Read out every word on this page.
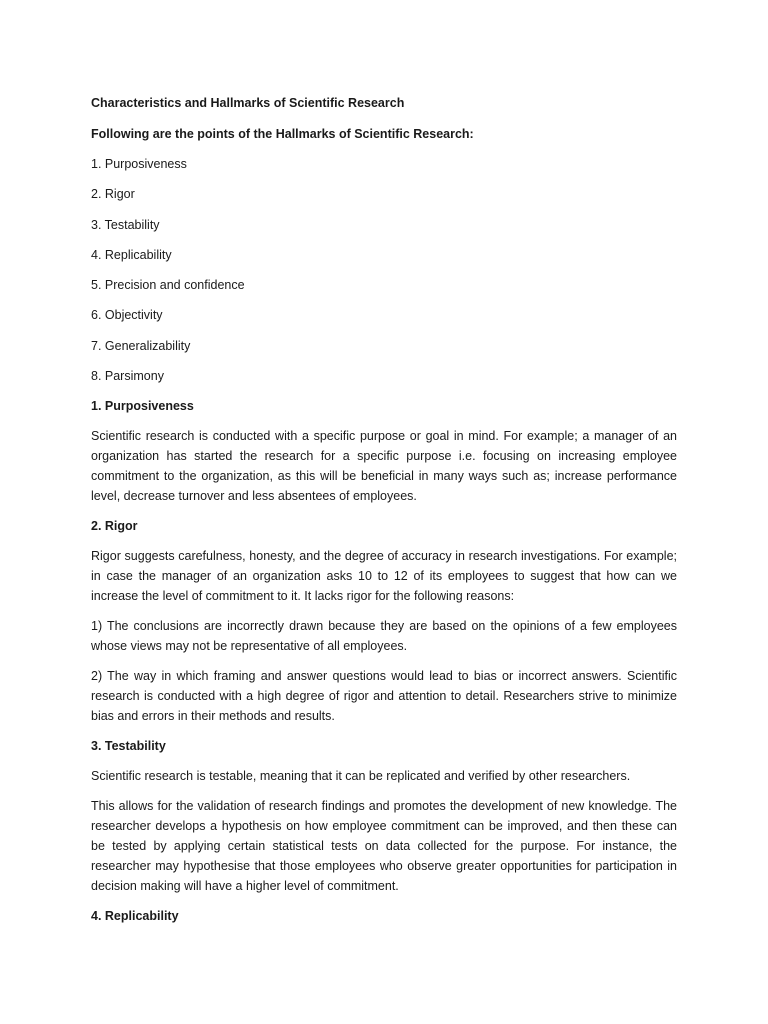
Characteristics and Hallmarks of Scientific Research

Following are the points of the Hallmarks of Scientific Research:

1. Purposiveness
2. Rigor
3. Testability
4. Replicability
5. Precision and confidence
6. Objectivity
7. Generalizability
8. Parsimony

1. Purposiveness

Scientific research is conducted with a specific purpose or goal in mind. For example; a manager of an organization has started the research for a specific purpose i.e. focusing on increasing employee commitment to the organization, as this will be beneficial in many ways such as; increase performance level, decrease turnover and less absentees of employees.

2. Rigor

Rigor suggests carefulness, honesty, and the degree of accuracy in research investigations. For example; in case the manager of an organization asks 10 to 12 of its employees to suggest that how can we increase the level of commitment to it. It lacks rigor for the following reasons:

1) The conclusions are incorrectly drawn because they are based on the opinions of a few employees whose views may not be representative of all employees.

2) The way in which framing and answer questions would lead to bias or incorrect answers. Scientific research is conducted with a high degree of rigor and attention to detail. Researchers strive to minimize bias and errors in their methods and results.

3. Testability

Scientific research is testable, meaning that it can be replicated and verified by other researchers.

This allows for the validation of research findings and promotes the development of new knowledge. The researcher develops a hypothesis on how employee commitment can be improved, and then these can be tested by applying certain statistical tests on data collected for the purpose. For instance, the researcher may hypothesise that those employees who observe greater opportunities for participation in decision making will have a higher level of commitment.

4. Replicability
